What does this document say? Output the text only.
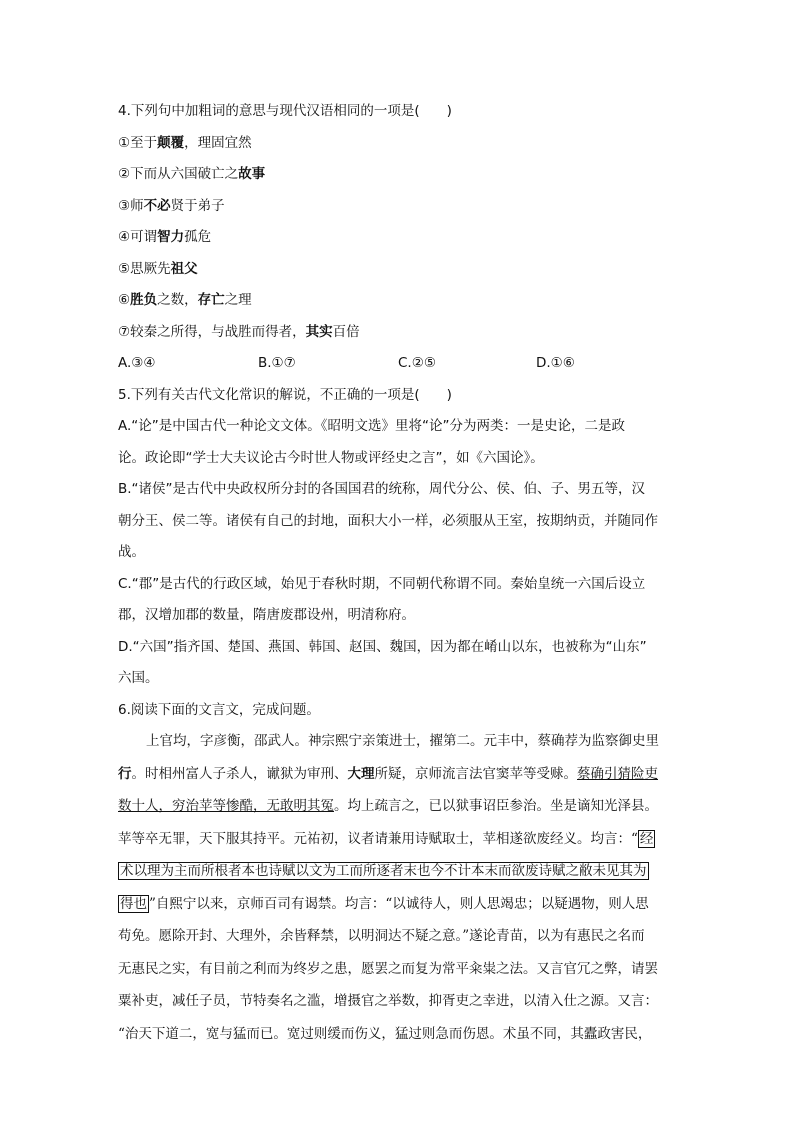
4.下列句中加粗词的意思与现代汉语相同的一项是(　　)
①至于颠覆，理固宜然
②下而从六国破亡之故事
③师不必贤于弟子
④可谓智力孤危
⑤思厥先祖父
⑥胜负之数，存亡之理
⑦较秦之所得，与战胜而得者，其实百倍
A.③④	B.①⑦	C.②⑤	D.①⑥
5.下列有关古代文化常识的解说，不正确的一项是(　　)

A.“论”是中国古代一种论文文体。《昭明文选》里将“论”分为两类：一是史论，二是政

论。政论即“学士大夫议论古今时世人物或评经史之言”，如《六国论》。

B.“诸侯”是古代中央政权所分封的各国国君的统称，周代分公、侯、伯、子、男五等，汉

朝分王、侯二等。诸侯有自己的封地，面积大小一样，必须服从王室，按期纳贡，并随同作

战。

C.“郡”是古代的行政区域，始见于春秋时期，不同朝代称谓不同。秦始皇统一六国后设立

郡，汉增加郡的数量，隋唐废郡设州，明清称府。

D.“六国”指齐国、楚国、燕国、韩国、赵国、魏国，因为都在崤山以东，也被称为“山东”

六国。

6.阅读下面的文言文，完成问题。

上官均，字彦衡，邵武人。神宗熙宁亲策进士，擢第二。元丰中，蔡确荐为监察御史里

行。时相州富人子杀人，谳狱为审刑、大理所疑，京师流言法官窦苹等受赇。蔡确引猜险吏

数十人，穷治苹等惨酷，无敢明其冤。均上疏言之，已以狱事诏臣参治。坐是谪知光泽县。

苹等卒无罪，天下服其持平。元祐初，议者请兼用诗赋取士，苹相遂欲废经义。均言：“ 经

术以理为主而所根者本也诗赋以文为工而所逐者末也今不计本末而欲废诗赋之敝未见其为

得也 ”自熙宁以来，京师百司有谒禁。均言：“以诚待人，则人思竭忠；以疑遇物，则人思

苟免。愿除开封、大理外，余皆释禁，以明洞达不疑之意。”遂论青苗，以为有惠民之名而

无惠民之实，有目前之利而为终岁之患，愿罢之而复为常平籴粜之法。又言官冗之弊，请罢

粟补吏，减任子员，节特奏名之滥，增摄官之举数，抑胥吏之幸进，以清入仕之源。又言：

“治天下道二，宽与猛而已。宽过则缓而伤义，猛过则急而伤恩。术虽不同，其蠹政害民，
